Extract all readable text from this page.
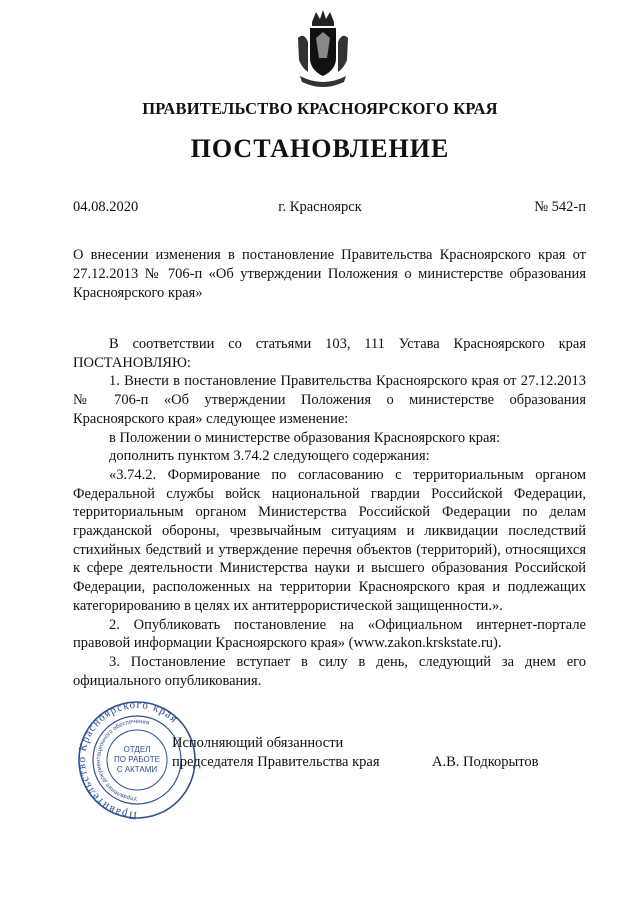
ПРАВИТЕЛЬСТВО КРАСНОЯРСКОГО КРАЯ
ПОСТАНОВЛЕНИЕ
04.08.2020	г. Красноярск	№ 542-п
О внесении изменения в постановление Правительства Красноярского края от 27.12.2013 № 706-п «Об утверждении Положения о министерстве образования Красноярского края»

В соответствии со статьями 103, 111 Устава Красноярского края ПОСТАНОВЛЯЮ:

1. Внести в постановление Правительства Красноярского края от 27.12.2013 № 706-п «Об утверждении Положения о министерстве образования Красноярского края» следующее изменение:

в Положении о министерстве образования Красноярского края:

дополнить пунктом 3.74.2 следующего содержания:

«3.74.2. Формирование по согласованию с территориальным органом Федеральной службы войск национальной гвардии Российской Федерации, территориальным органом Министерства Российской Федерации по делам гражданской обороны, чрезвычайным ситуациям и ликвидации последствий стихийных бедствий и утверждение перечня объектов (территорий), относящихся к сфере деятельности Министерства науки и высшего образования Российской Федерации, расположенных на территории Красноярского края и подлежащих категорированию в целях их антитеррористической защищенности.».

2. Опубликовать постановление на «Официальном интернет-портале правовой информации Красноярского края» (www.zakon.krskstate.ru).

3. Постановление вступает в силу в день, следующий за днем его официального опубликования.

Правительство Красноярского края
Управление документационного обеспечения
ОТДЕЛ
ПО РАБОТЕ
С АКТАМИ
Исполняющий обязанности
председателя Правительства края	А.В. Подкорытов
